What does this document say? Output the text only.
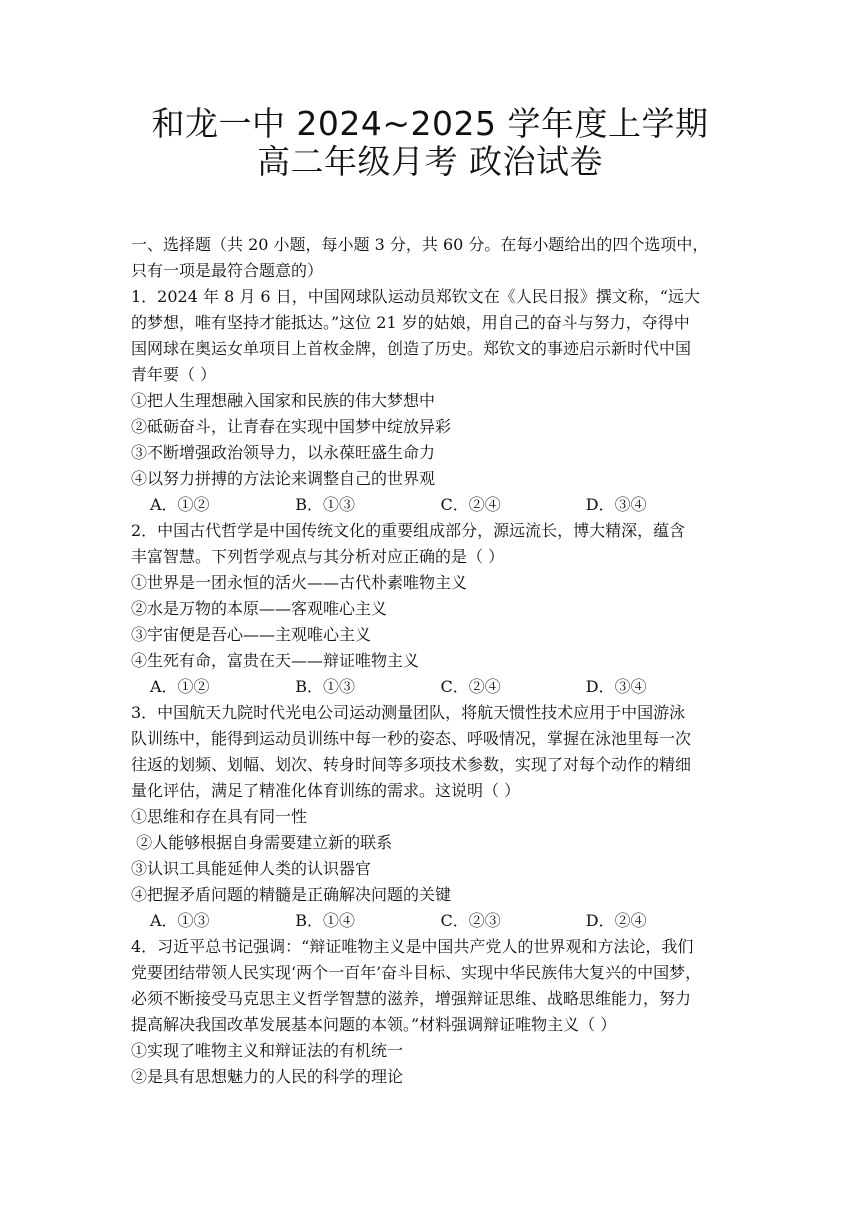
和龙一中 2024~2025 学年度上学期
高二年级月考 政治试卷
一、选择题（共 20 小题，每小题 3 分，共 60 分。在每小题给出的四个选项中，
只有一项是最符合题意的）
1．2024 年 8 月 6 日，中国网球队运动员郑钦文在《人民日报》撰文称，“远大
的梦想，唯有坚持才能抵达。”这位 21 岁的姑娘，用自己的奋斗与努力，夺得中
国网球在奥运女单项目上首枚金牌，创造了历史。郑钦文的事迹启示新时代中国
青年要（ ）
①把人生理想融入国家和民族的伟大梦想中
②砥砺奋斗，让青春在实现中国梦中绽放异彩
③不断增强政治领导力，以永葆旺盛生命力
④以努力拼搏的方法论来调整自己的世界观
A．①②	B．①③	C．②④	D．③④
2．中国古代哲学是中国传统文化的重要组成部分，源远流长，博大精深，蕴含
丰富智慧。下列哲学观点与其分析对应正确的是（ ）
①世界是一团永恒的活火——古代朴素唯物主义
②水是万物的本原——客观唯心主义
③宇宙便是吾心——主观唯心主义
④生死有命，富贵在天——辩证唯物主义
A．①②	B．①③	C．②④	D．③④
3．中国航天九院时代光电公司运动测量团队，将航天惯性技术应用于中国游泳
队训练中，能得到运动员训练中每一秒的姿态、呼吸情况，掌握在泳池里每一次
往返的划频、划幅、划次、转身时间等多项技术参数，实现了对每个动作的精细
量化评估，满足了精准化体育训练的需求。这说明（ ）
①思维和存在具有同一性
②人能够根据自身需要建立新的联系
③认识工具能延伸人类的认识器官
④把握矛盾问题的精髓是正确解决问题的关键
A．①③	B．①④	C．②③	D．②④
4．习近平总书记强调：“辩证唯物主义是中国共产党人的世界观和方法论，我们
党要团结带领人民实现‘两个一百年’奋斗目标、实现中华民族伟大复兴的中国梦，
必须不断接受马克思主义哲学智慧的滋养，增强辩证思维、战略思维能力，努力
提高解决我国改革发展基本问题的本领。”材料强调辩证唯物主义（ ）
①实现了唯物主义和辩证法的有机统一
②是具有思想魅力的人民的科学的理论
